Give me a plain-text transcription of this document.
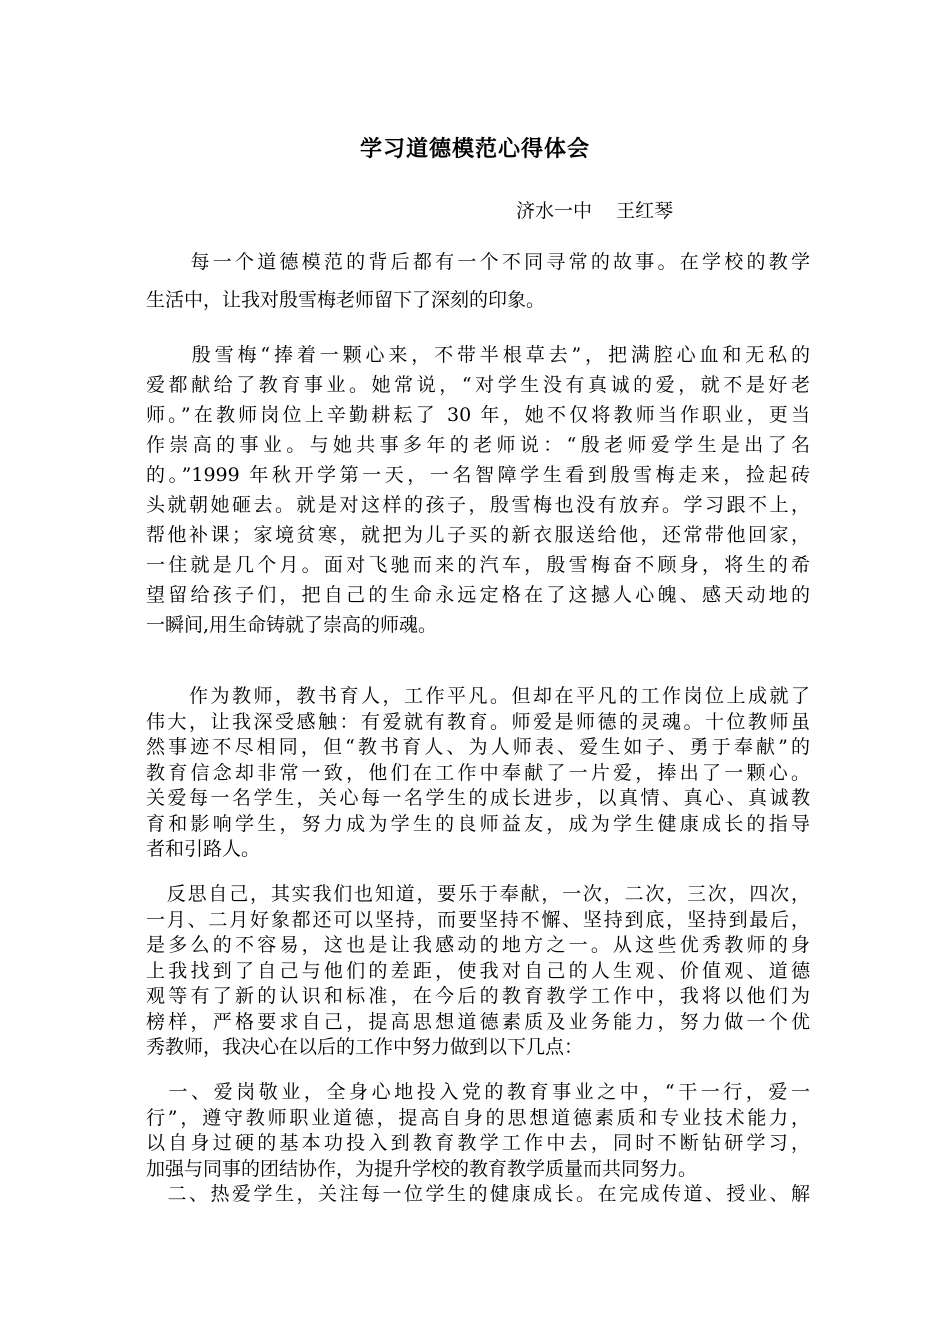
学习道德模范心得体会
济水一中    王红琴
　　每一个道德模范的背后都有一个不同寻常的故事。在学校的教学
生活中，让我对殷雪梅老师留下了深刻的印象。
　　殷雪梅“捧着一颗心来，不带半根草去”，把满腔心血和无私的
爱都献给了教育事业。她常说，“对学生没有真诚的爱，就不是好老
师。”在教师岗位上辛勤耕耘了 30 年，她不仅将教师当作职业，更当
作崇高的事业。与她共事多年的老师说：“殷老师爱学生是出了名
的。”1999 年秋开学第一天，一名智障学生看到殷雪梅走来，捡起砖
头就朝她砸去。就是对这样的孩子，殷雪梅也没有放弃。学习跟不上，
帮他补课；家境贫寒，就把为儿子买的新衣服送给他，还常带他回家，
一住就是几个月。面对飞驰而来的汽车，殷雪梅奋不顾身，将生的希
望留给孩子们，把自己的生命永远定格在了这撼人心魄、感天动地的
一瞬间,用生命铸就了崇高的师魂。
　　作为教师，教书育人，工作平凡。但却在平凡的工作岗位上成就了
伟大，让我深受感触：有爱就有教育。师爱是师德的灵魂。十位教师虽
然事迹不尽相同，但“教书育人、为人师表、爱生如子、勇于奉献”的
教育信念却非常一致，他们在工作中奉献了一片爱，捧出了一颗心。
关爱每一名学生，关心每一名学生的成长进步，以真情、真心、真诚教
育和影响学生，努力成为学生的良师益友，成为学生健康成长的指导
者和引路人。
　反思自己，其实我们也知道，要乐于奉献，一次，二次，三次，四次，
一月、二月好象都还可以坚持，而要坚持不懈、坚持到底，坚持到最后，
是多么的不容易，这也是让我感动的地方之一。从这些优秀教师的身
上我找到了自己与他们的差距，使我对自己的人生观、价值观、道德
观等有了新的认识和标准，在今后的教育教学工作中，我将以他们为
榜样，严格要求自己，提高思想道德素质及业务能力，努力做一个优
秀教师，我决心在以后的工作中努力做到以下几点：
　一、爱岗敬业，全身心地投入党的教育事业之中，“干一行，爱一
行”，遵守教师职业道德，提高自身的思想道德素质和专业技术能力，
以自身过硬的基本功投入到教育教学工作中去，同时不断钻研学习，
加强与同事的团结协作，为提升学校的教育教学质量而共同努力。
　二、热爱学生，关注每一位学生的健康成长。在完成传道、授业、解
